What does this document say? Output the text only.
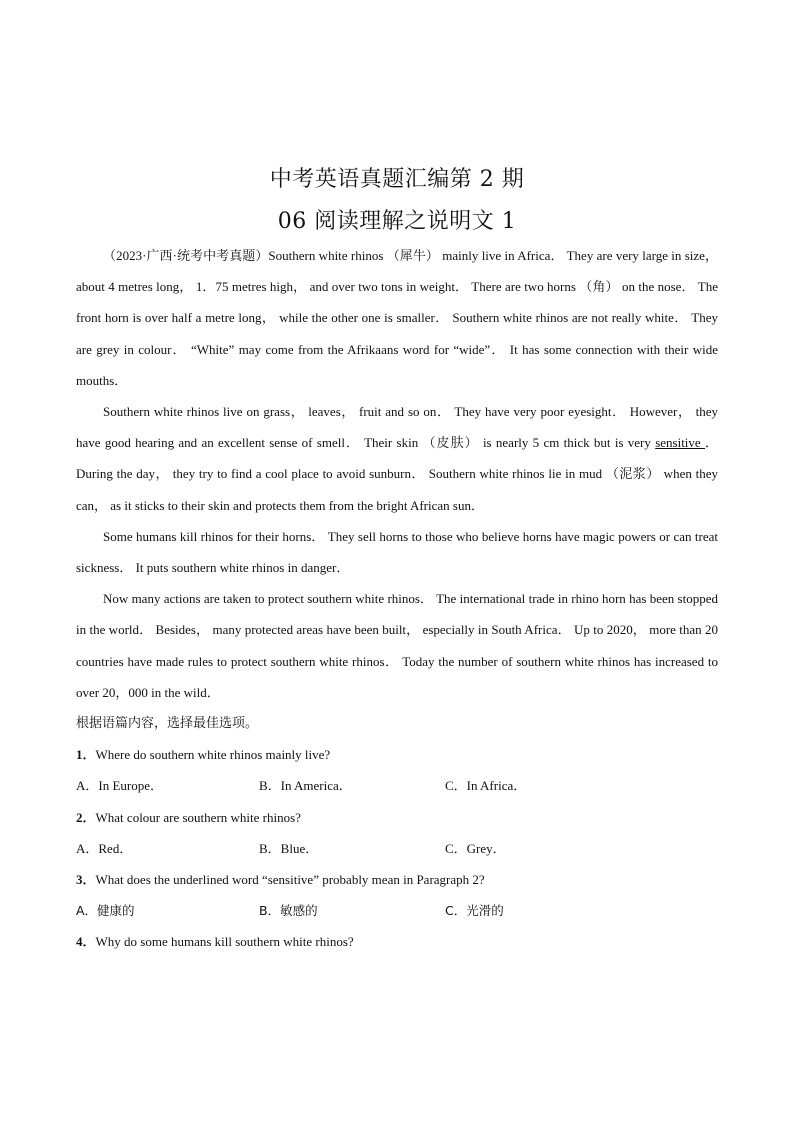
中考英语真题汇编第 2 期
06 阅读理解之说明文 1

（2023·广西·统考中考真题）Southern white rhinos （犀牛） mainly live in Africa． They are very large in size， about 4 metres long， 1．75 metres high， and over two tons in weight． There are two horns （角） on the nose． The front horn is over half a metre long， while the other one is smaller． Southern white rhinos are not really white． They are grey in colour． “White” may come from the Afrikaans word for “wide”． It has some connection with their wide mouths．

Southern white rhinos live on grass， leaves， fruit and so on． They have very poor eyesight． However， they have good hearing and an excellent sense of smell． Their skin （皮肤） is nearly 5 cm thick but is very sensitive ． During the day， they try to find a cool place to avoid sunburn． Southern white rhinos lie in mud （泥浆） when they can， as it sticks to their skin and protects them from the bright African sun．

Some humans kill rhinos for their horns． They sell horns to those who believe horns have magic powers or can treat sickness． It puts southern white rhinos in danger．

Now many actions are taken to protect southern white rhinos． The international trade in rhino horn has been stopped in the world． Besides， many protected areas have been built， especially in South Africa． Up to 2020， more than 20 countries have made rules to protect southern white rhinos． Today the number of southern white rhinos has increased to over 20，000 in the wild．

根据语篇内容，选择最佳选项。

1．Where do southern white rhinos mainly live?

A．In Europe．	B．In America．	C．In Africa．

2．What colour are southern white rhinos?

A．Red．	B．Blue．	C．Grey．

3．What does the underlined word “sensitive” probably mean in Paragraph 2?

A．健康的	B．敏感的	C．光滑的

4．Why do some humans kill southern white rhinos?
